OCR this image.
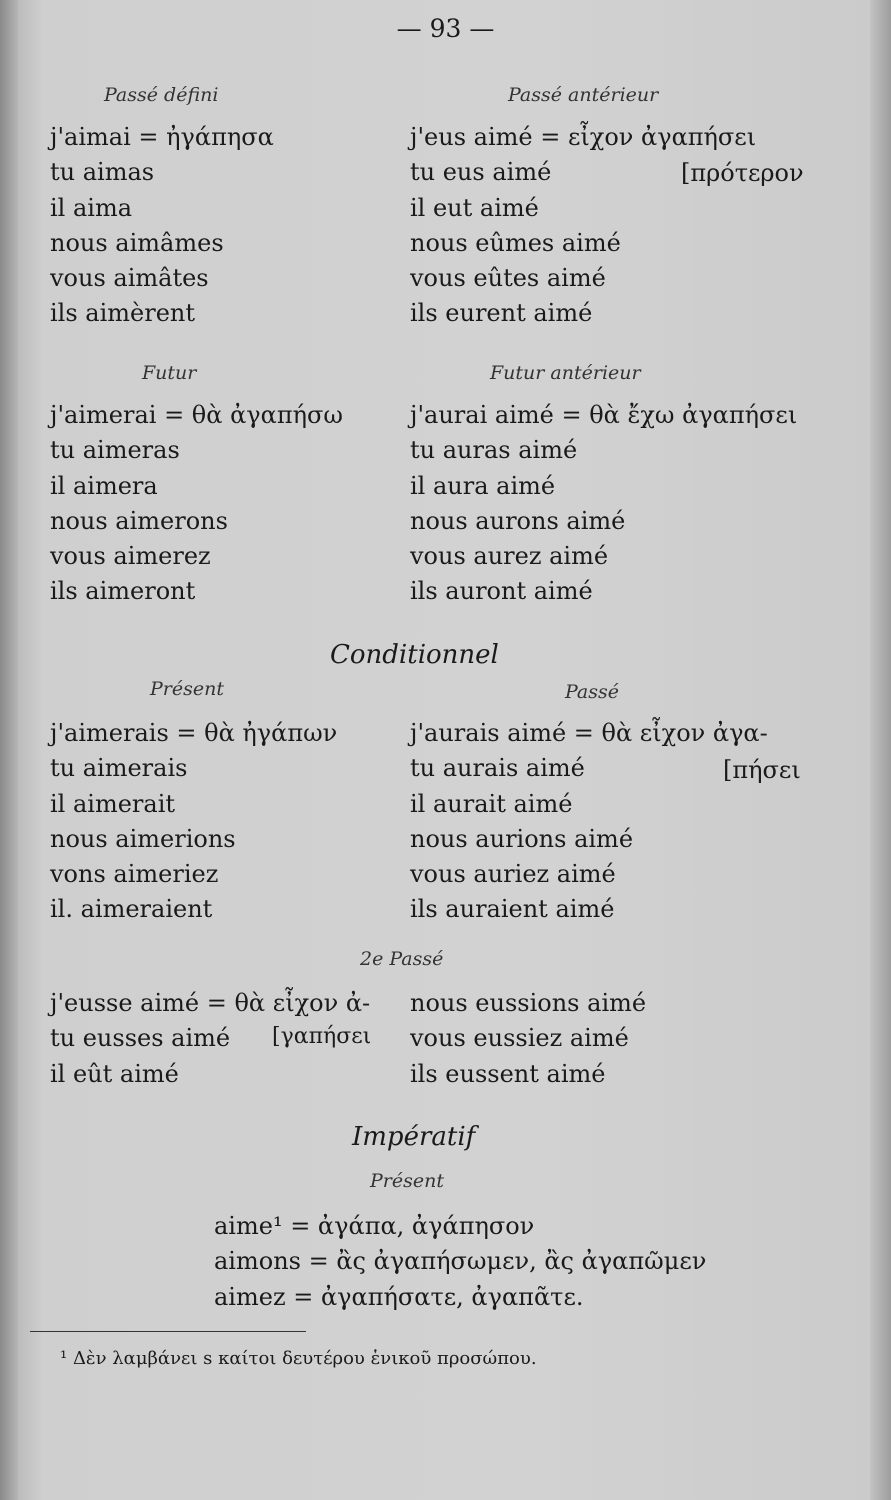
— 93 —
Passé défini
j'aimai = ἠγάπησα
tu aimas
il aima
nous aimâmes
vous aimâtes
ils aimèrent
Passé antérieur
j'eus aimé = εἶχον ἀγαπήσει
tu eus aimé
il eut aimé
nous eûmes aimé
vous eûtes aimé
ils eurent aimé
[πρότερον
Futur
j'aimerai = θὰ ἀγαπήσω
tu aimeras
il aimera
nous aimerons
vous aimerez
ils aimeront
Futur antérieur
j'aurai aimé = θὰ ἔχω ἀγαπήσει
tu auras aimé
il aura aimé
nous aurons aimé
vous aurez aimé
ils auront aimé
Conditionnel
Présent	Passé
j'aimerais = θὰ ἠγάπων
tu aimerais
il aimerait
nous aimerions
vons aimeriez
il. aimeraient
j'aurais aimé = θὰ εἶχον ἀγα-
tu aurais aimé
il aurait aimé
nous aurions aimé
vous auriez aimé
ils auraient aimé
[πήσει
2e Passé
j'eusse aimé = θὰ εἶχον ἀ-
tu eusses aimé
il eût aimé
[γαπήσει
nous eussions aimé
vous eussiez aimé
ils eussent aimé
Impératif
Présent
aime¹ = ἀγάπα, ἀγάπησον
aimons = ἂς ἀγαπήσωμεν, ἂς ἀγαπῶμεν
aimez = ἀγαπήσατε, ἀγαπᾶτε.
¹ Δὲν λαμβάνει s καίτοι δευτέρου ἑνικοῦ προσώπου.
